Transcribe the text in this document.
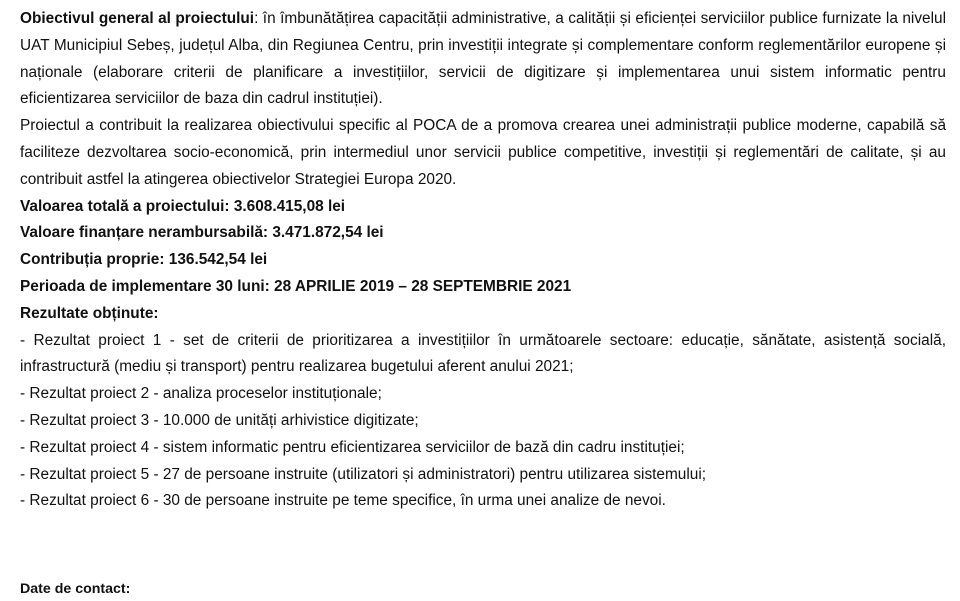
Obiectivul general al proiectului: în îmbunătățirea capacității administrative, a calității și eficienței serviciilor publice furnizate la nivelul UAT Municipiul Sebeș, județul Alba, din Regiunea Centru, prin investiții integrate și complementare conform reglementărilor europene și naționale (elaborare criterii de planificare a investițiilor, servicii de digitizare și implementarea unui sistem informatic pentru eficientizarea serviciilor de baza din cadrul instituției).

Proiectul a contribuit la realizarea obiectivului specific al POCA de a promova crearea unei administrații publice moderne, capabilă să faciliteze dezvoltarea socio-economică, prin intermediul unor servicii publice competitive, investiții și reglementări de calitate, și au contribuit astfel la atingerea obiectivelor Strategiei Europa 2020.

Valoarea totală a proiectului: 3.608.415,08 lei

Valoare finanțare nerambursabilă: 3.471.872,54 lei

Contribuția proprie: 136.542,54 lei

Perioada de implementare 30 luni: 28 APRILIE 2019 – 28 SEPTEMBRIE 2021

Rezultate obținute:

- Rezultat proiect 1 - set de criterii de prioritizarea a investițiilor în următoarele sectoare: educație, sănătate, asistență socială, infrastructură (mediu și transport) pentru realizarea bugetului aferent anului 2021;
- Rezultat proiect 2 - analiza proceselor instituționale;
- Rezultat proiect 3 - 10.000 de unități arhivistice digitizate;
- Rezultat proiect 4 - sistem informatic pentru eficientizarea serviciilor de bază din cadru instituției;
- Rezultat proiect 5 - 27 de persoane instruite (utilizatori și administratori) pentru utilizarea sistemului;
- Rezultat proiect 6 - 30 de persoane instruite pe teme specifice, în urma unei analize de nevoi.

Date de contact:
